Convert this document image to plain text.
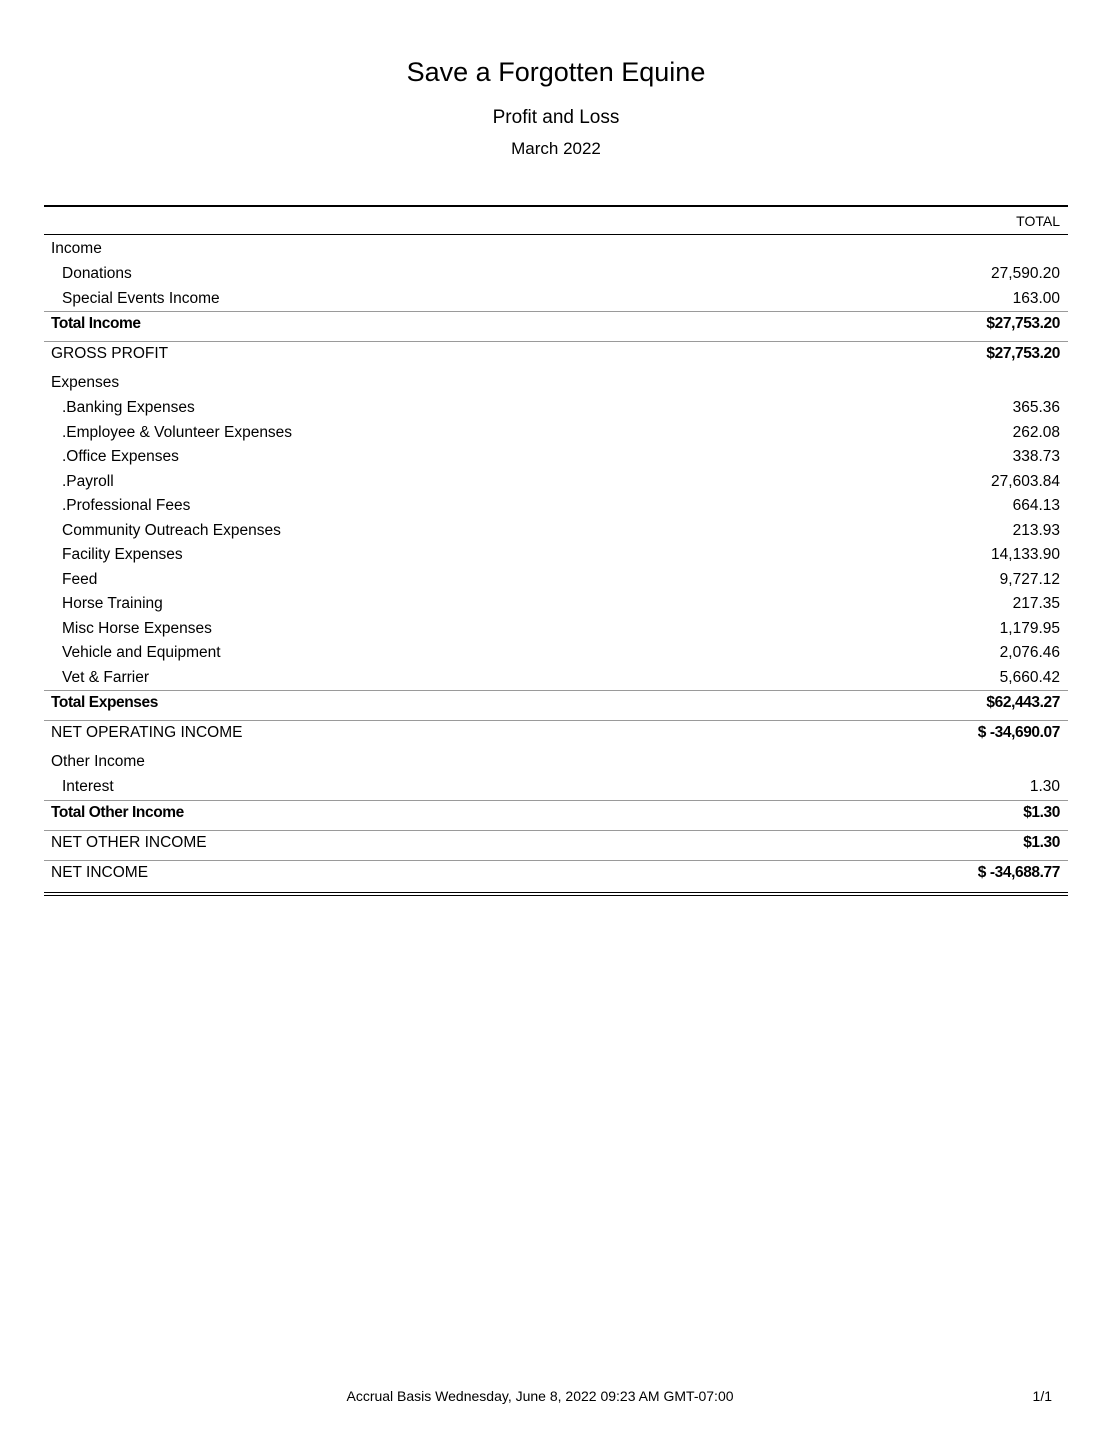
Save a Forgotten Equine
Profit and Loss
March 2022
TOTAL
Income
Donations	27,590.20
Special Events Income	163.00
Total Income	$27,753.20
GROSS PROFIT	$27,753.20
Expenses
.Banking Expenses	365.36
.Employee & Volunteer Expenses	262.08
.Office Expenses	338.73
.Payroll	27,603.84
.Professional Fees	664.13
Community Outreach Expenses	213.93
Facility Expenses	14,133.90
Feed	9,727.12
Horse Training	217.35
Misc Horse Expenses	1,179.95
Vehicle and Equipment	2,076.46
Vet & Farrier	5,660.42
Total Expenses	$62,443.27
NET OPERATING INCOME	$ -34,690.07
Other Income
Interest	1.30
Total Other Income	$1.30
NET OTHER INCOME	$1.30
NET INCOME	$ -34,688.77
Accrual Basis Wednesday, June 8, 2022 09:23 AM GMT-07:00	1/1
